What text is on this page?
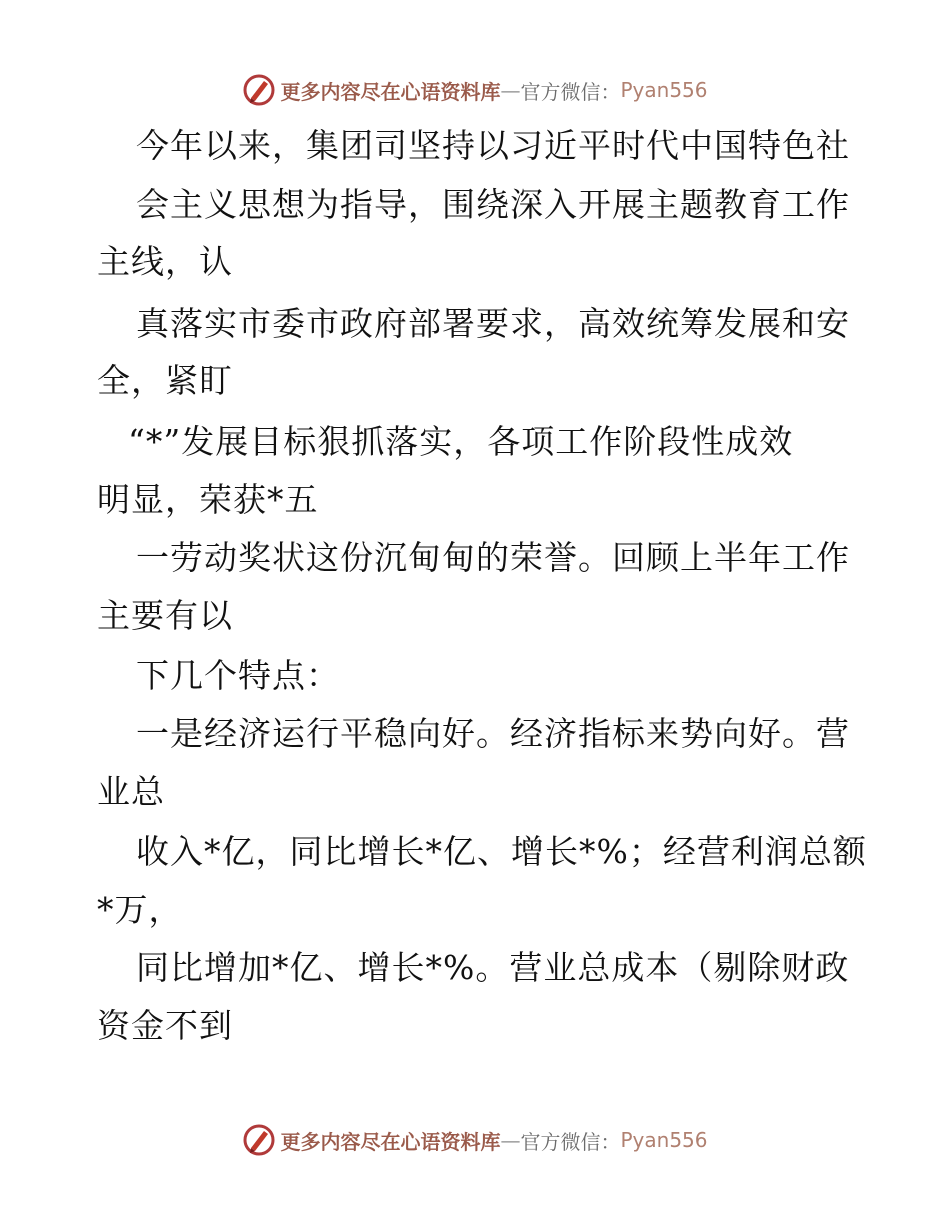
更多内容尽在心语资料库 — 官方微信： Pyan556
今年以来，集团司坚持以习近平时代中国特色社
会主义思想为指导，围绕深入开展主题教育工作
主线，认
真落实市委市政府部署要求，高效统筹发展和安
全，紧盯
“*”发展目标狠抓落实，各项工作阶段性成效
明显，荣获*五
一劳动奖状这份沉甸甸的荣誉。回顾上半年工作
主要有以
下几个特点：
一是经济运行平稳向好。经济指标来势向好。营
业总
收入*亿，同比增长*亿、增长*%；经营利润总额
*万，
同比增加*亿、增长*%。营业总成本（剔除财政
资金不到
更多内容尽在心语资料库 — 官方微信： Pyan556
